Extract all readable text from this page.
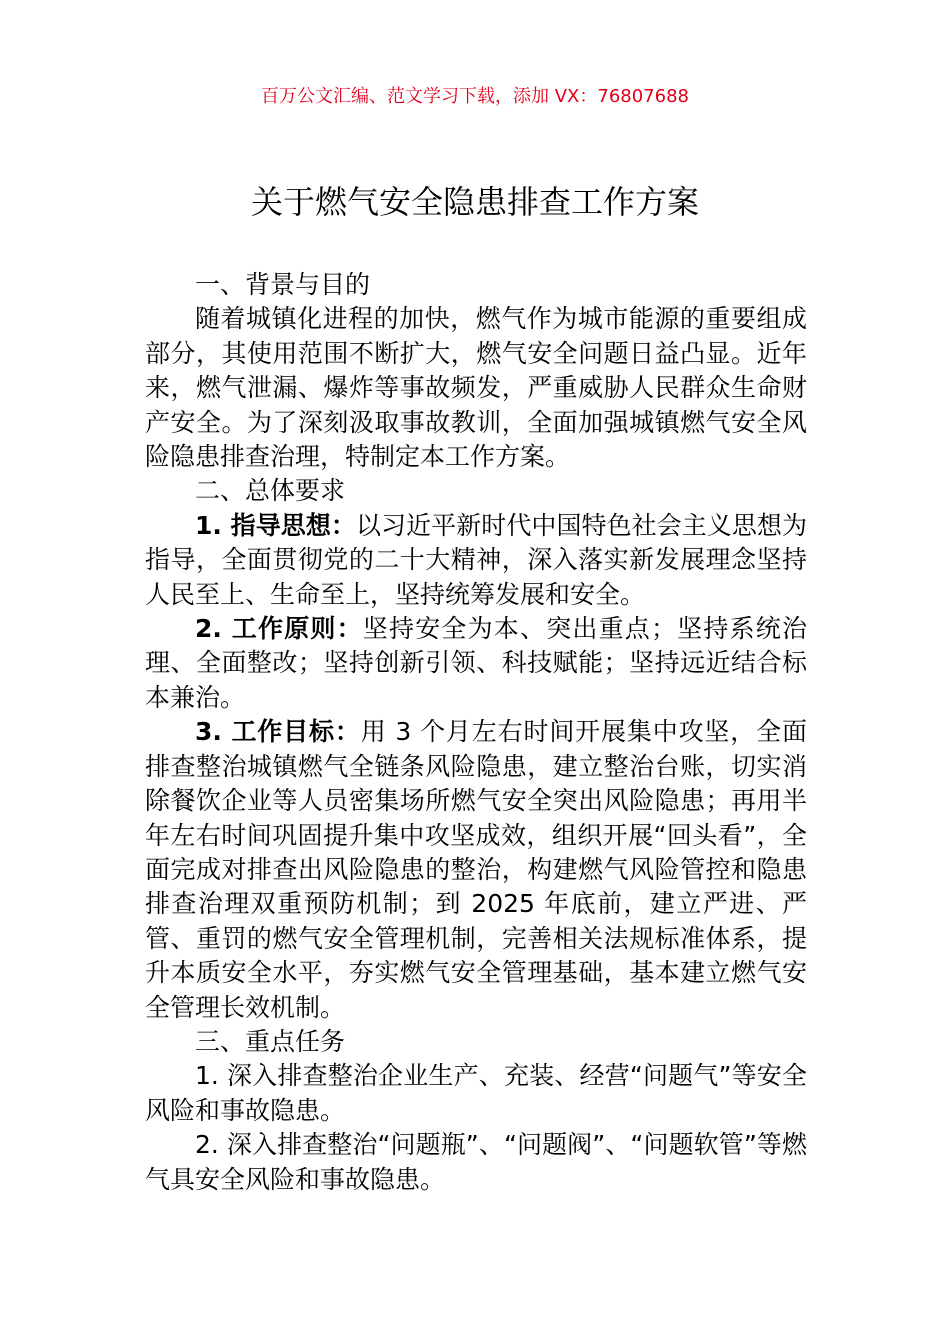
百万公文汇编、范文学习下载，添加 VX：76807688
关于燃气安全隐患排查工作方案
一、背景与目的

随着城镇化进程的加快，燃气作为城市能源的重要组成部分，其使用范围不断扩大，燃气安全问题日益凸显。近年来，燃气泄漏、爆炸等事故频发，严重威胁人民群众生命财产安全。为了深刻汲取事故教训，全面加强城镇燃气安全风险隐患排查治理，特制定本工作方案。

二、总体要求

1. 指导思想：以习近平新时代中国特色社会主义思想为指导，全面贯彻党的二十大精神，深入落实新发展理念坚持人民至上、生命至上，坚持统筹发展和安全。

2. 工作原则：坚持安全为本、突出重点；坚持系统治理、全面整改；坚持创新引领、科技赋能；坚持远近结合标本兼治。

3. 工作目标：用 3 个月左右时间开展集中攻坚，全面排查整治城镇燃气全链条风险隐患，建立整治台账，切实消除餐饮企业等人员密集场所燃气安全突出风险隐患；再用半年左右时间巩固提升集中攻坚成效，组织开展“回头看”，全面完成对排查出风险隐患的整治，构建燃气风险管控和隐患排查治理双重预防机制；到 2025 年底前，建立严进、严管、重罚的燃气安全管理机制，完善相关法规标准体系，提升本质安全水平，夯实燃气安全管理基础，基本建立燃气安全管理长效机制。

三、重点任务

1. 深入排查整治企业生产、充装、经营“问题气”等安全风险和事故隐患。

2. 深入排查整治“问题瓶”、“问题阀”、“问题软管”等燃气具安全风险和事故隐患。
